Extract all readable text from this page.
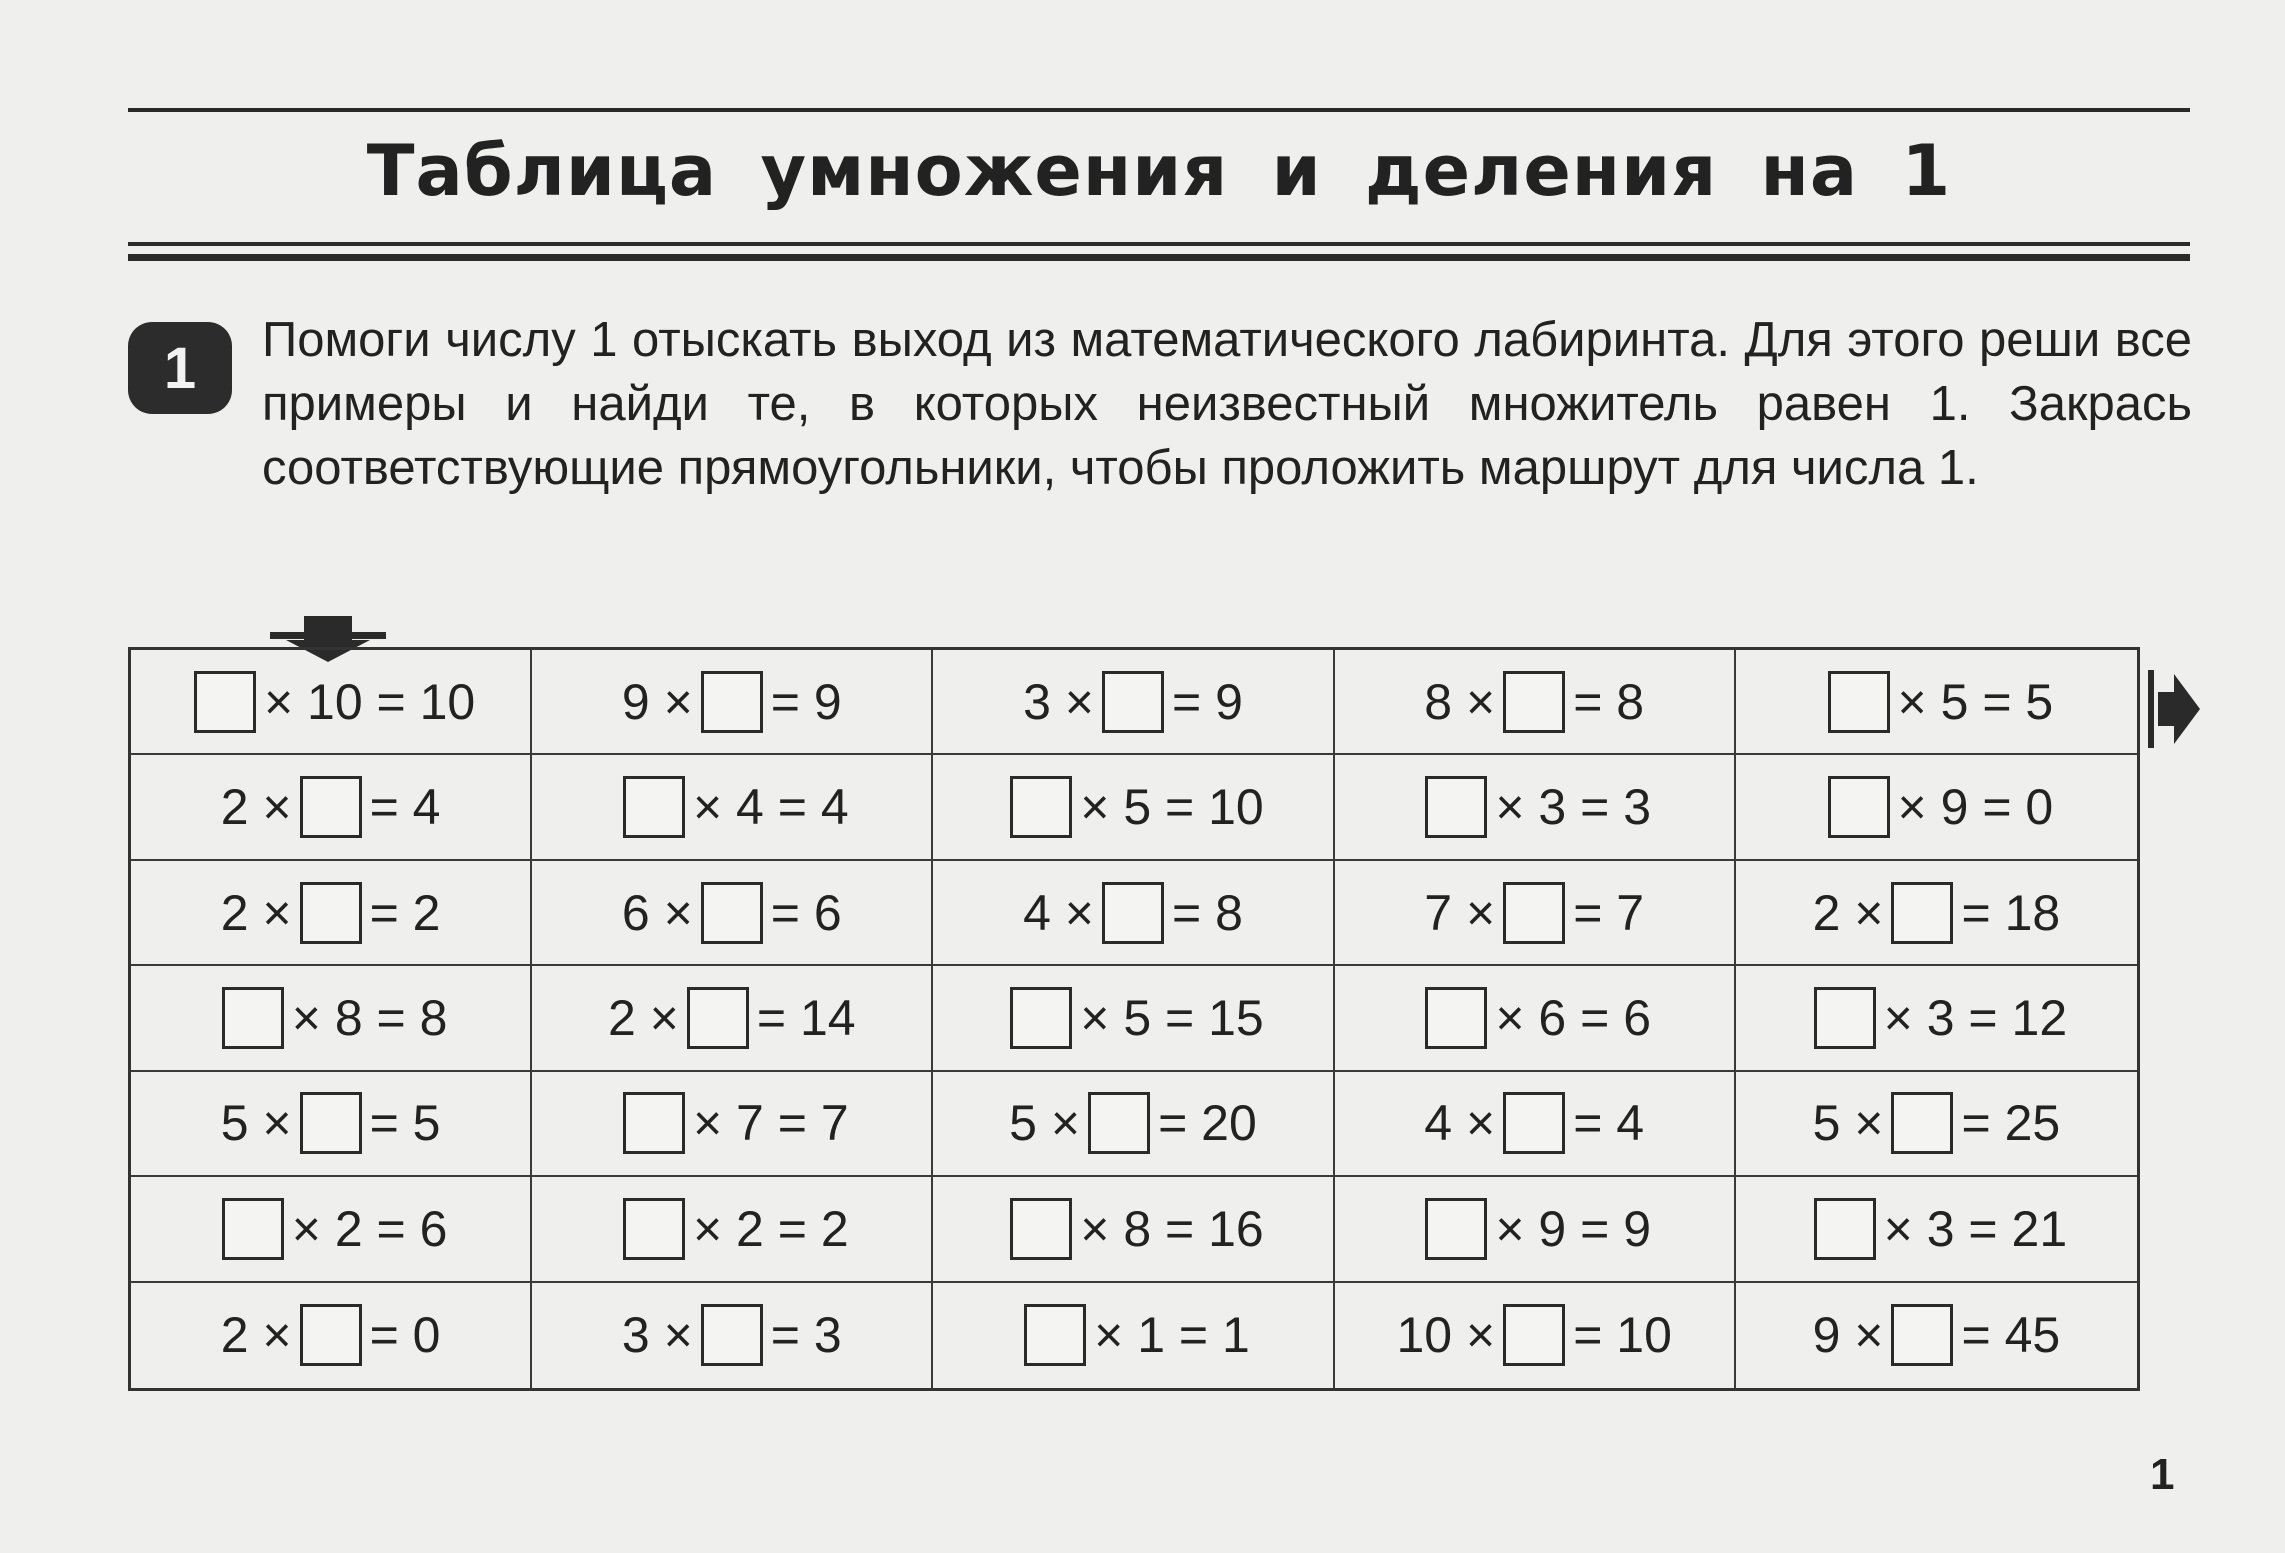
Таблица умножения и деления на 1
1	Помоги числу 1 отыскать выход из математического лабиринта. Для этого реши все примеры и найди те, в которых неизвестный множитель равен 1. Закрась соответствующие прямоугольники, чтобы проложить маршрут для числа 1.
× 10 = 10	9 × = 9	3 × = 9	8 × = 8	× 5 = 5
2 × = 4	× 4 = 4	× 5 = 10	× 3 = 3	× 9 = 0
2 × = 2	6 × = 6	4 × = 8	7 × = 7	2 × = 18
× 8 = 8	2 × = 14	× 5 = 15	× 6 = 6	× 3 = 12
5 × = 5	× 7 = 7	5 × = 20	4 × = 4	5 × = 25
× 2 = 6	× 2 = 2	× 8 = 16	× 9 = 9	× 3 = 21
2 × = 0	3 × = 3	× 1 = 1	10 × = 10	9 × = 45
1
